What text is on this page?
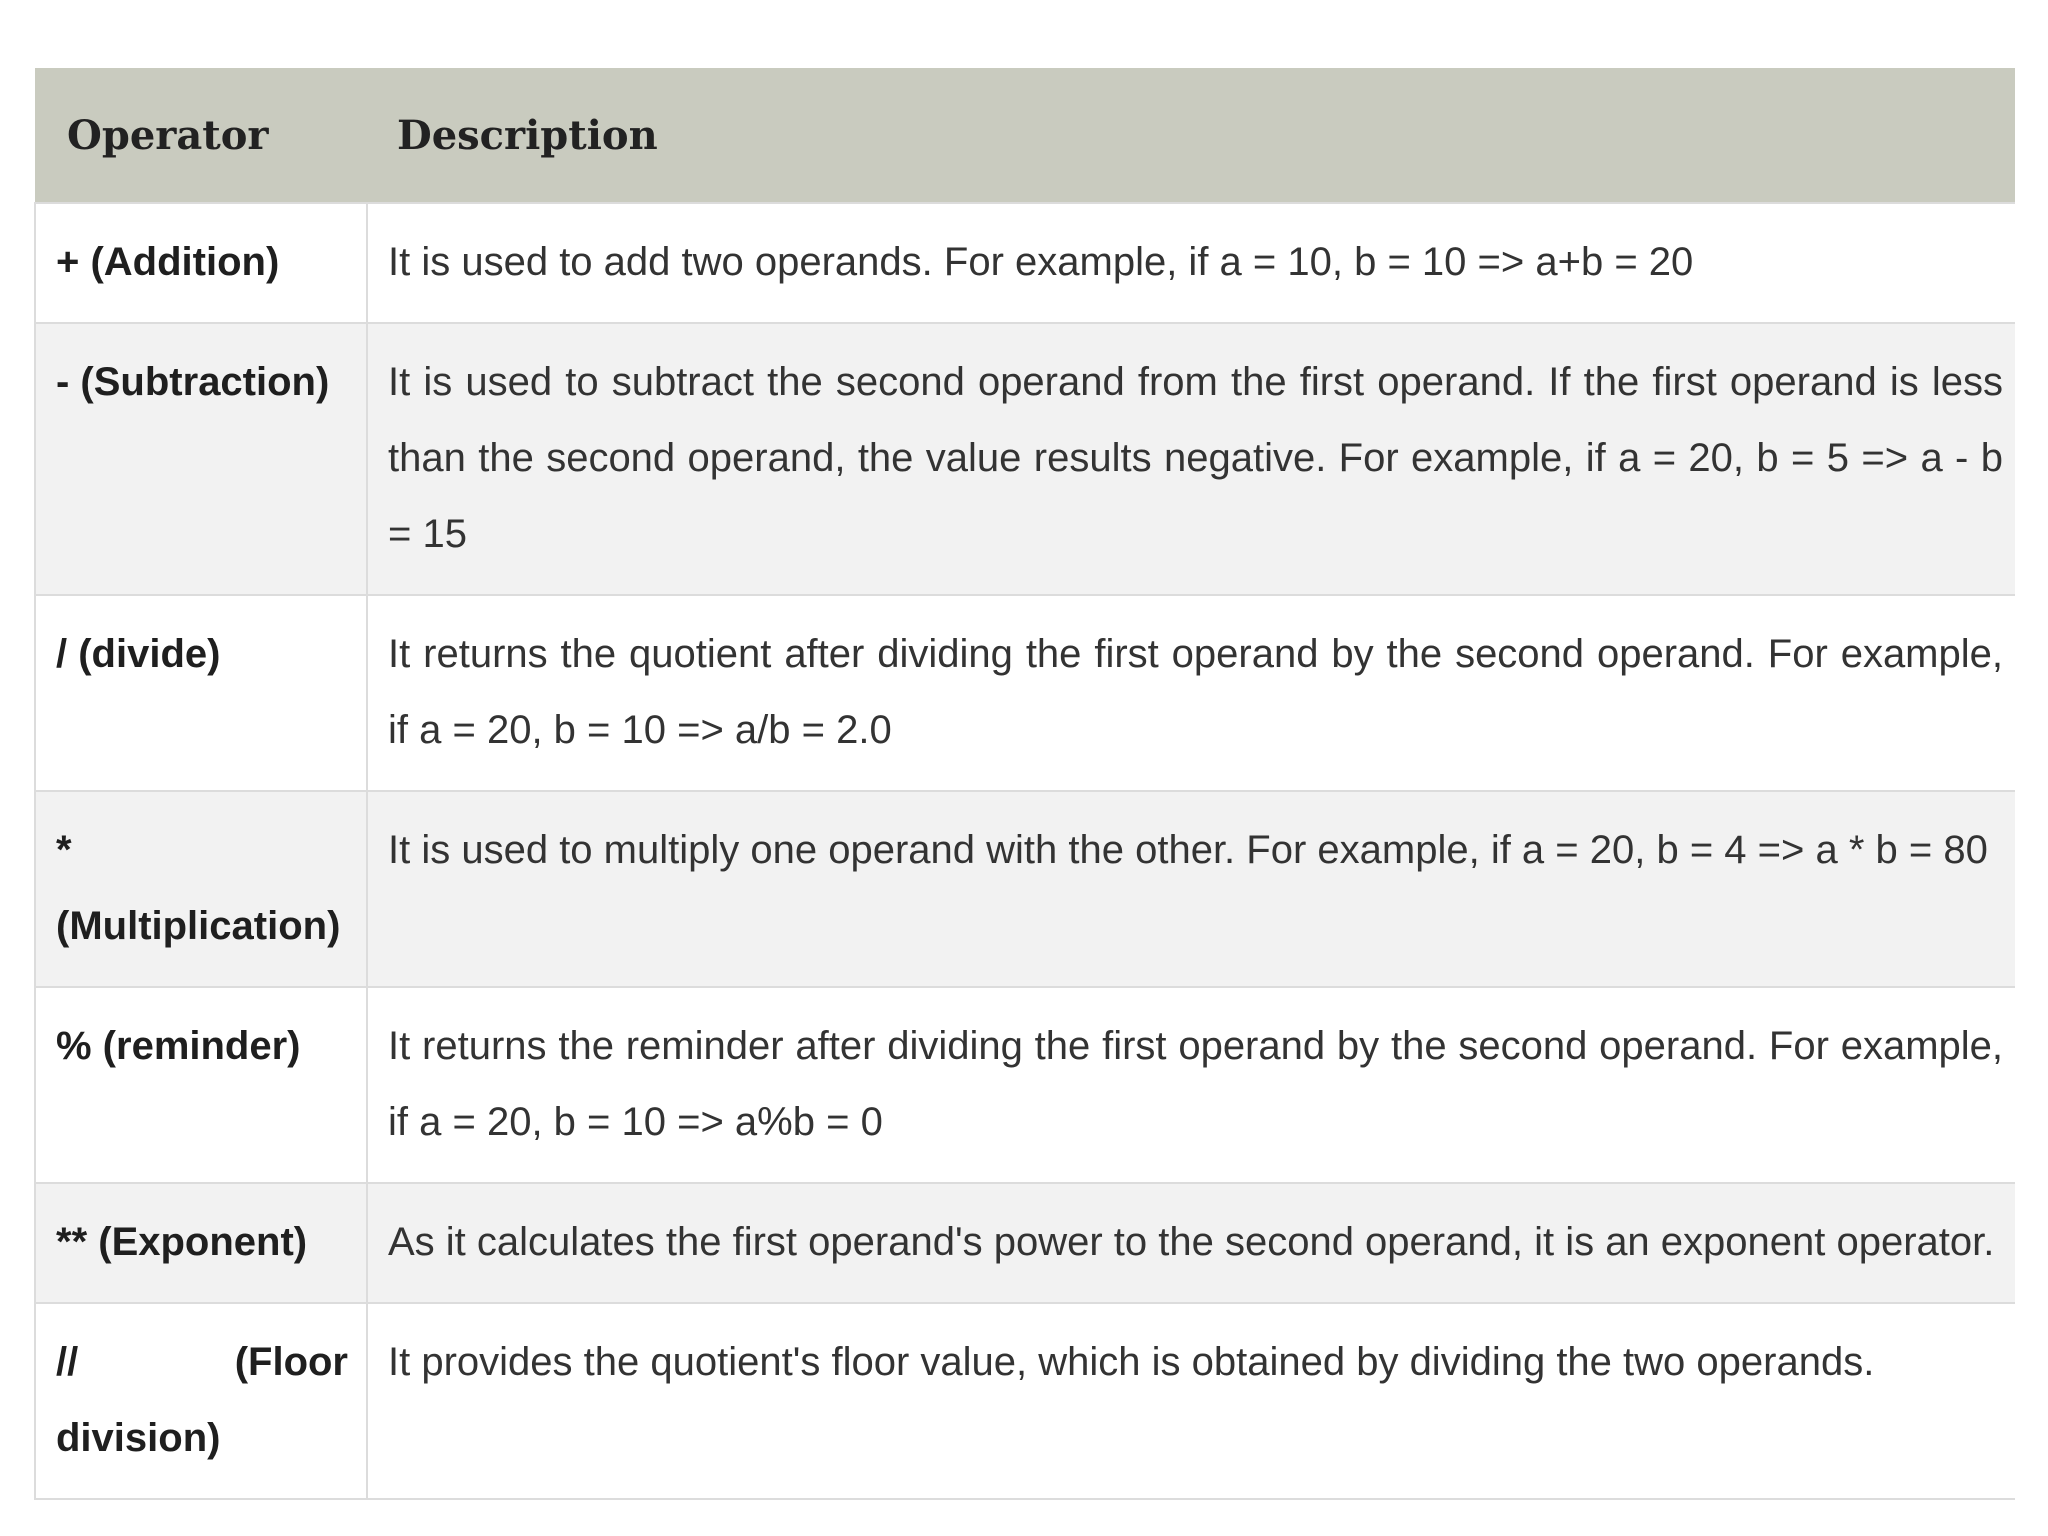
Operator	Description
+ (Addition)	It is used to add two operands. For example, if a = 10, b = 10 => a+b = 20
- (Subtraction)	It is used to subtract the second operand from the first operand. If the first operand is less than the second operand, the value results negative. For example, if a = 20, b = 5 => a - b = 15
/ (divide)	It returns the quotient after dividing the first operand by the second operand. For example, if a = 20, b = 10 => a/b = 2.0
* (Multiplication)	It is used to multiply one operand with the other. For example, if a = 20, b = 4 => a * b = 80
% (reminder)	It returns the reminder after dividing the first operand by the second operand. For example, if a = 20, b = 10 => a%b = 0
** (Exponent)	As it calculates the first operand's power to the second operand, it is an exponent operator.
// (Floor division)	It provides the quotient's floor value, which is obtained by dividing the two operands.
